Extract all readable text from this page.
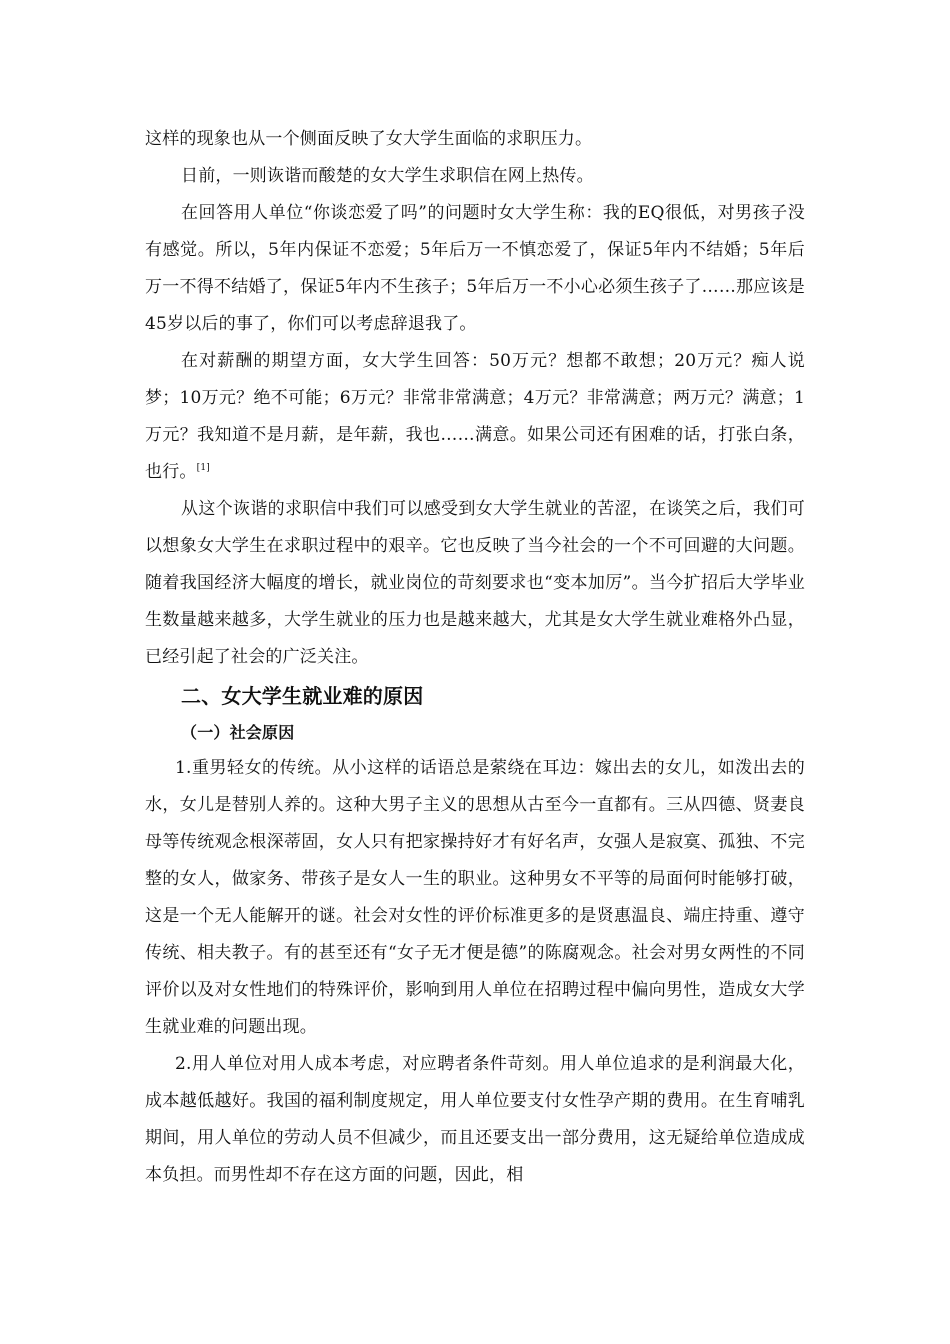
这样的现象也从一个侧面反映了女大学生面临的求职压力。

日前，一则诙谐而酸楚的女大学生求职信在网上热传。

在回答用人单位“你谈恋爱了吗”的问题时女大学生称：我的EQ很低，对男孩子没有感觉。所以，5年内保证不恋爱；5年后万一不慎恋爱了，保证5年内不结婚；5年后万一不得不结婚了，保证5年内不生孩子；5年后万一不小心必须生孩子了……那应该是45岁以后的事了，你们可以考虑辞退我了。

在对薪酬的期望方面，女大学生回答：50万元？想都不敢想；20万元？痴人说梦；10万元？绝不可能；6万元？非常非常满意；4万元？非常满意；两万元？满意；1万元？我知道不是月薪，是年薪，我也……满意。如果公司还有困难的话，打张白条，也行。[1]

从这个诙谐的求职信中我们可以感受到女大学生就业的苦涩，在谈笑之后，我们可以想象女大学生在求职过程中的艰辛。它也反映了当今社会的一个不可回避的大问题。随着我国经济大幅度的增长，就业岗位的苛刻要求也“变本加厉”。当今扩招后大学毕业生数量越来越多，大学生就业的压力也是越来越大，尤其是女大学生就业难格外凸显，已经引起了社会的广泛关注。

二、女大学生就业难的原因
（一）社会原因

1.重男轻女的传统。从小这样的话语总是萦绕在耳边：嫁出去的女儿，如泼出去的水，女儿是替别人养的。这种大男子主义的思想从古至今一直都有。三从四德、贤妻良母等传统观念根深蒂固，女人只有把家操持好才有好名声，女强人是寂寞、孤独、不完整的女人，做家务、带孩子是女人一生的职业。这种男女不平等的局面何时能够打破，这是一个无人能解开的谜。社会对女性的评价标准更多的是贤惠温良、端庄持重、遵守传统、相夫教子。有的甚至还有“女子无才便是德”的陈腐观念。社会对男女两性的不同评价以及对女性地们的特殊评价，影响到用人单位在招聘过程中偏向男性，造成女大学生就业难的问题出现。

2.用人单位对用人成本考虑，对应聘者条件苛刻。用人单位追求的是利润最大化，成本越低越好。我国的福利制度规定，用人单位要支付女性孕产期的费用。在生育哺乳期间，用人单位的劳动人员不但减少，而且还要支出一部分费用，这无疑给单位造成成本负担。而男性却不存在这方面的问题，因此，相
